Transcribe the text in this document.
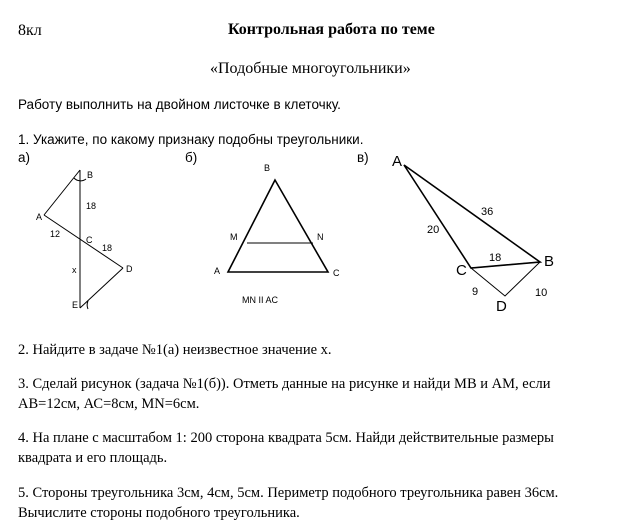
8кл	Контрольная работа по теме
«Подобные многоугольники»
Работу выполнить на двойном листочке в клеточку.
1. Укажите, по какому признаку подобны треугольники.
а)	б)	в)
B
A
C
D
E
18
12
18
x
B
M	N
A	C
MN II AC
A
B
C
D
20
36
18
9	10
2. Найдите в задаче №1(а) неизвестное значение х.
3. Сделай рисунок (задача №1(б)). Отметь данные на рисунке и найди МВ и АМ, если
АВ=12см, АС=8см, МN=6см.
4. На плане с масштабом 1: 200 сторона квадрата 5см. Найди действительные размеры
квадрата и его площадь.
5. Стороны треугольника 3см, 4см, 5см. Периметр подобного треугольника равен 36см.
Вычислите стороны подобного треугольника.
